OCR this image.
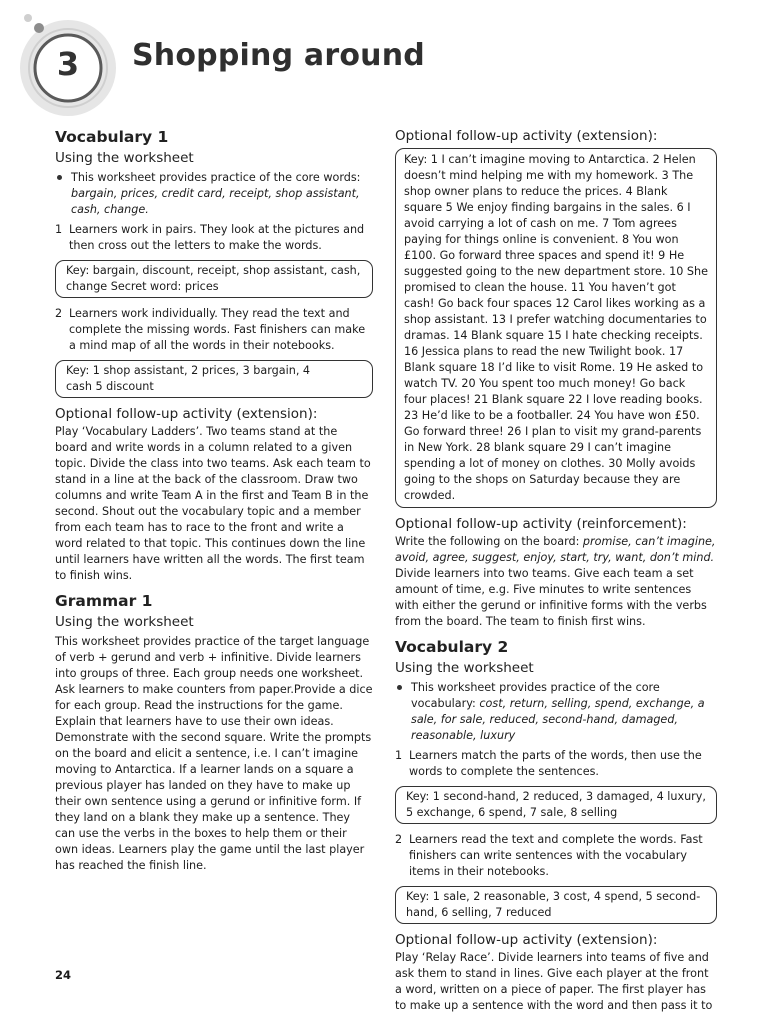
3	Shopping around

Vocabulary 1

Using the worksheet

This worksheet provides practice of the core words: bargain, prices, credit card, receipt, shop assistant, cash, change.
1 Learners work in pairs. They look at the pictures and then cross out the letters to make the words.
Key: bargain, discount, receipt, shop assistant, cash, change Secret word: prices
2 Learners work individually. They read the text and complete the missing words. Fast finishers can make a mind map of all the words in their notebooks.
Key: 1 shop assistant, 2 prices, 3 bargain, 4 cash 5 discount

Optional follow-up activity (extension):

Play ‘Vocabulary Ladders’. Two teams stand at the board and write words in a column related to a given topic. Divide the class into two teams. Ask each team to stand in a line at the back of the classroom. Draw two columns and write Team A in the first and Team B in the second. Shout out the vocabulary topic and a member from each team has to race to the front and write a word related to that topic. This continues down the line until learners have written all the words. The first team to finish wins.

Grammar 1

Using the worksheet

This worksheet provides practice of the target language of verb + gerund and verb + infinitive. Divide learners into groups of three. Each group needs one worksheet. Ask learners to make counters from paper.Provide a dice for each group. Read the instructions for the game. Explain that learners have to use their own ideas. Demonstrate with the second square. Write the prompts on the board and elicit a sentence, i.e. I can’t imagine moving to Antarctica. If a learner lands on a square a previous player has landed on they have to make up their own sentence using a gerund or infinitive form. If they land on a blank they make up a sentence. They can use the verbs in the boxes to help them or their own ideas. Learners play the game until the last player has reached the finish line.

Optional follow-up activity (extension):

Key: 1 I can’t imagine moving to Antarctica. 2 Helen doesn’t mind helping me with my homework. 3 The shop owner plans to reduce the prices. 4 Blank square 5 We enjoy finding bargains in the sales. 6 I avoid carrying a lot of cash on me. 7 Tom agrees paying for things online is convenient. 8 You won £100. Go forward three spaces and spend it! 9 He suggested going to the new department store. 10 She promised to clean the house. 11 You haven’t got cash! Go back four spaces 12 Carol likes working as a shop assistant. 13 I prefer watching documentaries to dramas. 14 Blank square 15 I hate checking receipts. 16 Jessica plans to read the new Twilight book. 17 Blank square 18 I’d like to visit Rome. 19 He asked to watch TV. 20 You spent too much money! Go back four places! 21 Blank square 22 I love reading books. 23 He’d like to be a footballer. 24 You have won £50. Go forward three! 26 I plan to visit my grand-parents in New York. 28 blank square 29 I can’t imagine spending a lot of money on clothes. 30 Molly avoids going to the shops on Saturday because they are crowded.

Optional follow-up activity (reinforcement):

Write the following on the board: promise, can’t imagine, avoid, agree, suggest, enjoy, start, try, want, don’t mind. Divide learners into two teams. Give each team a set amount of time, e.g. Five minutes to write sentences with either the gerund or infinitive forms with the verbs from the board. The team to finish first wins.

Vocabulary 2

Using the worksheet

This worksheet provides practice of the core vocabulary: cost, return, selling, spend, exchange, a sale, for sale, reduced, second-hand, damaged, reasonable, luxury
1 Learners match the parts of the words, then use the words to complete the sentences.
Key: 1 second-hand, 2 reduced, 3 damaged, 4 luxury, 5 exchange, 6 spend, 7 sale, 8 selling
2 Learners read the text and complete the words. Fast finishers can write sentences with the vocabulary items in their notebooks.
Key: 1 sale, 2 reasonable, 3 cost, 4 spend, 5 second-hand, 6 selling, 7 reduced

Optional follow-up activity (extension):

Play ‘Relay Race’. Divide learners into teams of five and ask them to stand in lines. Give each player at the front a word, written on a piece of paper. The first player has to make up a sentence with the word and then pass it to

24
